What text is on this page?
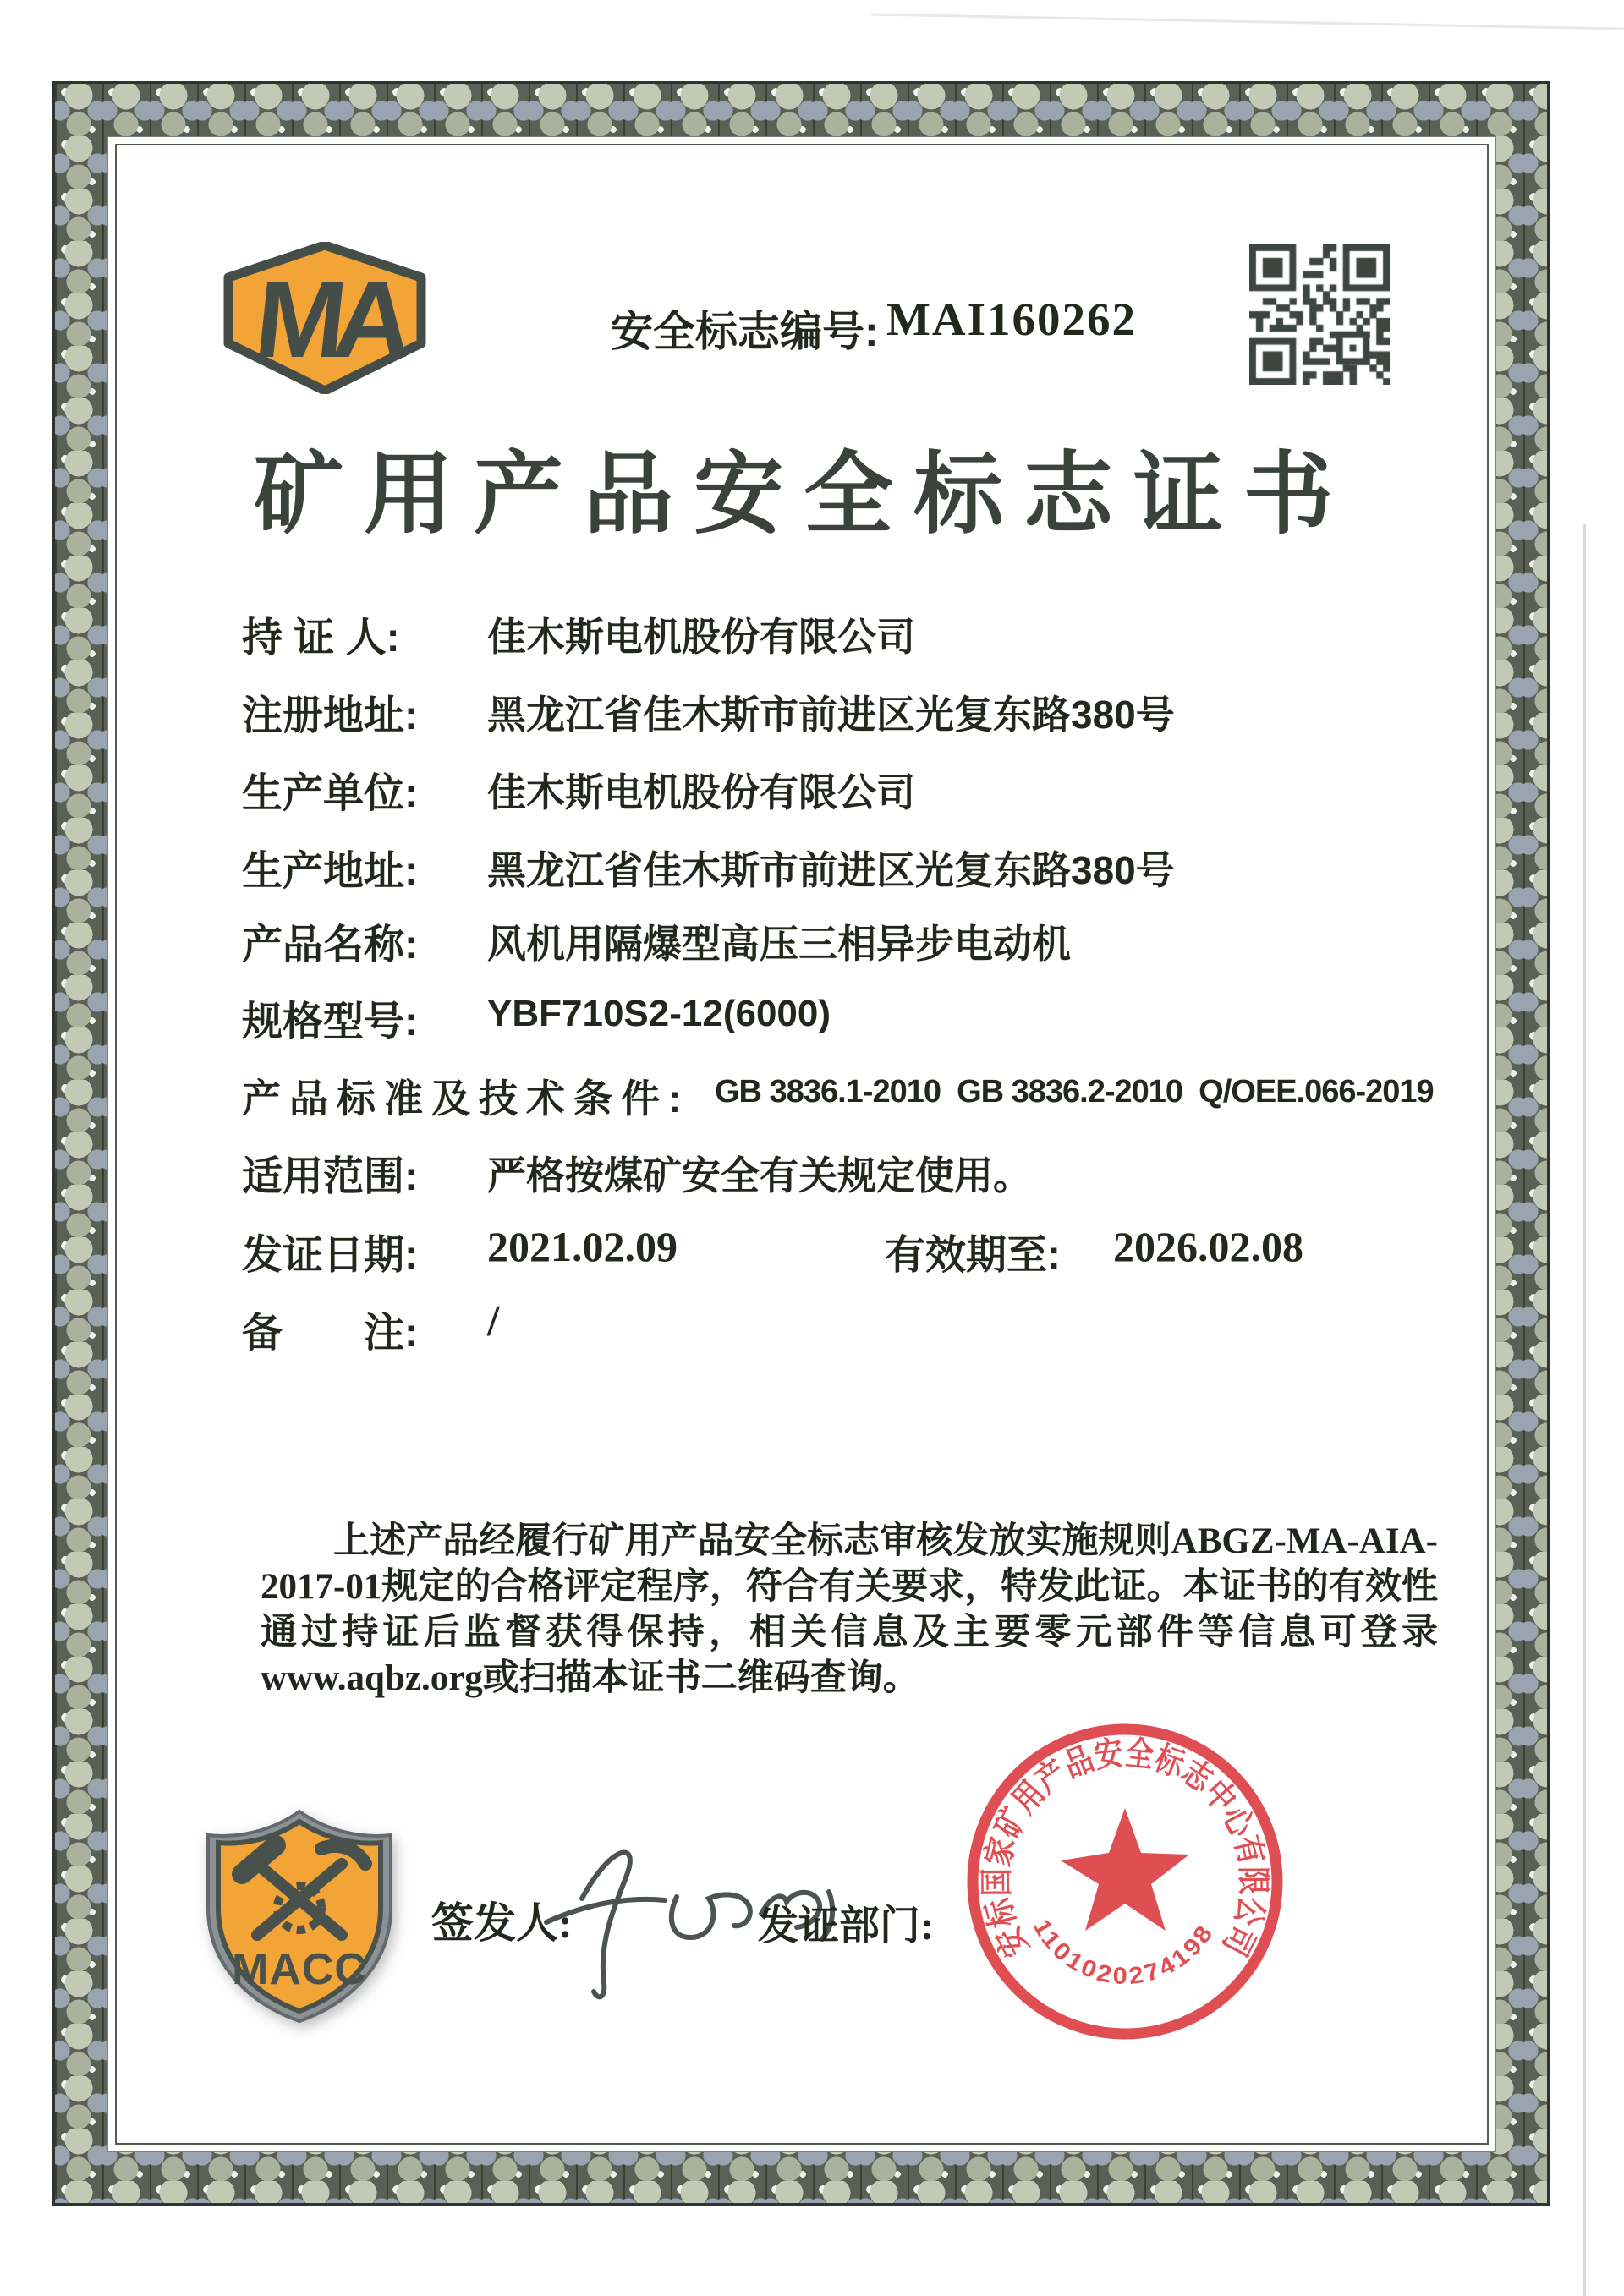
MA	安全标志编号: MAI160262
矿用产品安全标志证书
持 证 人: 佳木斯电机股份有限公司
注册地址: 黑龙江省佳木斯市前进区光复东路380号
生产单位: 佳木斯电机股份有限公司
生产地址: 黑龙江省佳木斯市前进区光复东路380号
产品名称: 风机用隔爆型高压三相异步电动机
规格型号: YBF710S2-12(6000)
产品标准及技术条件: GB 3836.1-2010  GB 3836.2-2010  Q/OEE.066-2019
适用范围: 严格按煤矿安全有关规定使用。
发证日期: 2021.02.09	有效期至: 2026.02.08
备　　注: /
上述产品经履行矿用产品安全标志审核发放实施规则ABGZ-MA-AIA-2017-01规定的合格评定程序，符合有关要求，特发此证。本证书的有效性通过持证后监督获得保持，相关信息及主要零元部件等信息可登录www.aqbz.org或扫描本证书二维码查询。
MACC
签发人:	发证部门: 安标国家矿用产品安全标志中心有限公司
1101020274198
